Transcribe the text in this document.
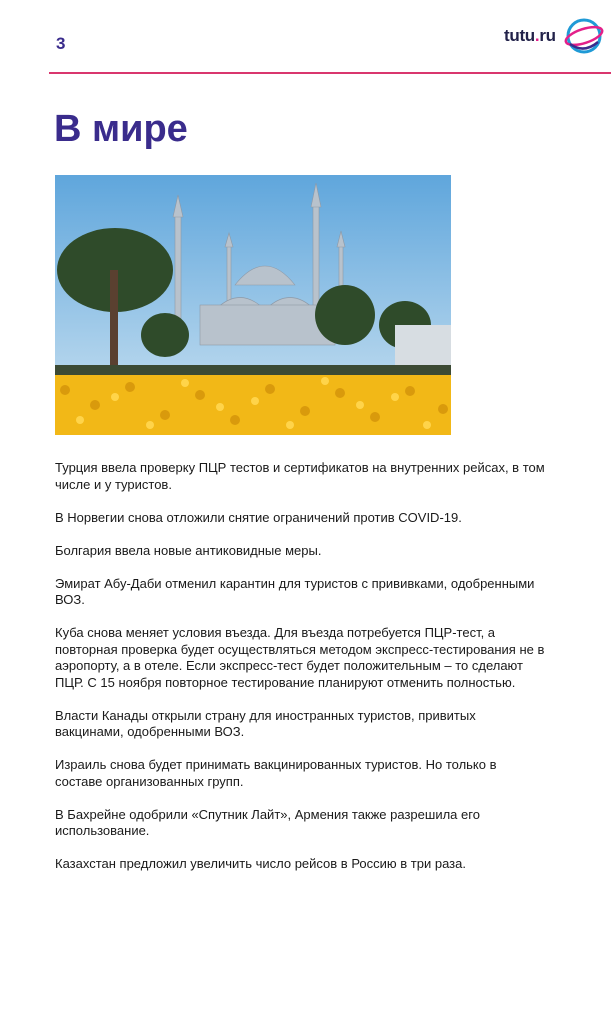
3	tutu.ru
В мире

Турция ввела проверку ПЦР тестов и сертификатов на внутренних рейсах, в том числе и у туристов.

В Норвегии снова отложили снятие ограничений против COVID-19.

Болгария ввела новые антиковидные меры.

Эмират Абу-Даби отменил карантин для туристов с прививками, одобренными ВОЗ.

Куба снова меняет условия въезда. Для въезда потребуется ПЦР-тест, а повторная проверка будет осуществляться методом экспресс-тестирования не в аэропорту, а в отеле. Если экспресс-тест будет положительным – то сделают ПЦР. С 15 ноября повторное тестирование планируют отменить полностью.

Власти Канады открыли страну для иностранных туристов, привитых вакцинами, одобренными ВОЗ.

Израиль снова будет принимать вакцинированных туристов. Но только в составе организованных групп.

В Бахрейне одобрили «Спутник Лайт», Армения также разрешила его использование.

Казахстан предложил увеличить число рейсов в Россию в три раза.
